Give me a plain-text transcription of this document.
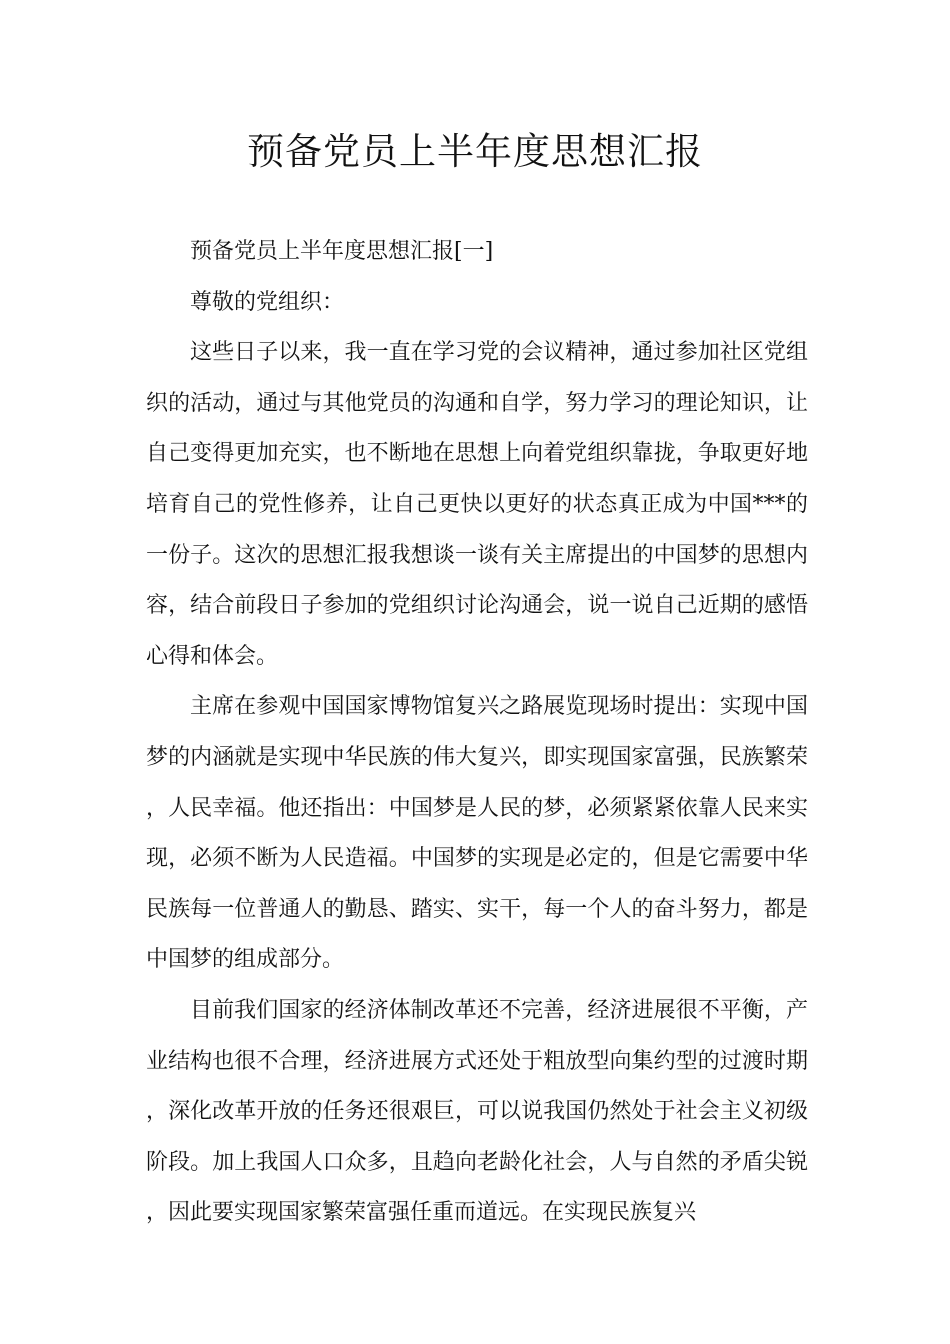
预备党员上半年度思想汇报

预备党员上半年度思想汇报[一]

尊敬的党组织：

这些日子以来，我一直在学习党的会议精神，通过参加社区党组织的活动，通过与其他党员的沟通和自学，努力学习的理论知识，让自己变得更加充实，也不断地在思想上向着党组织靠拢，争取更好地培育自己的党性修养，让自己更快以更好的状态真正成为中国***的一份子。这次的思想汇报我想谈一谈有关主席提出的中国梦的思想内容，结合前段日子参加的党组织讨论沟通会，说一说自己近期的感悟心得和体会。

主席在参观中国国家博物馆复兴之路展览现场时提出：实现中国梦的内涵就是实现中华民族的伟大复兴，即实现国家富强，民族繁荣，人民幸福。他还指出：中国梦是人民的梦，必须紧紧依靠人民来实现，必须不断为人民造福。中国梦的实现是必定的，但是它需要中华民族每一位普通人的勤恳、踏实、实干，每一个人的奋斗努力，都是中国梦的组成部分。

目前我们国家的经济体制改革还不完善，经济进展很不平衡，产业结构也很不合理，经济进展方式还处于粗放型向集约型的过渡时期，深化改革开放的任务还很艰巨，可以说我国仍然处于社会主义初级阶段。加上我国人口众多，且趋向老龄化社会，人与自然的矛盾尖锐，因此要实现国家繁荣富强任重而道远。在实现民族复兴
